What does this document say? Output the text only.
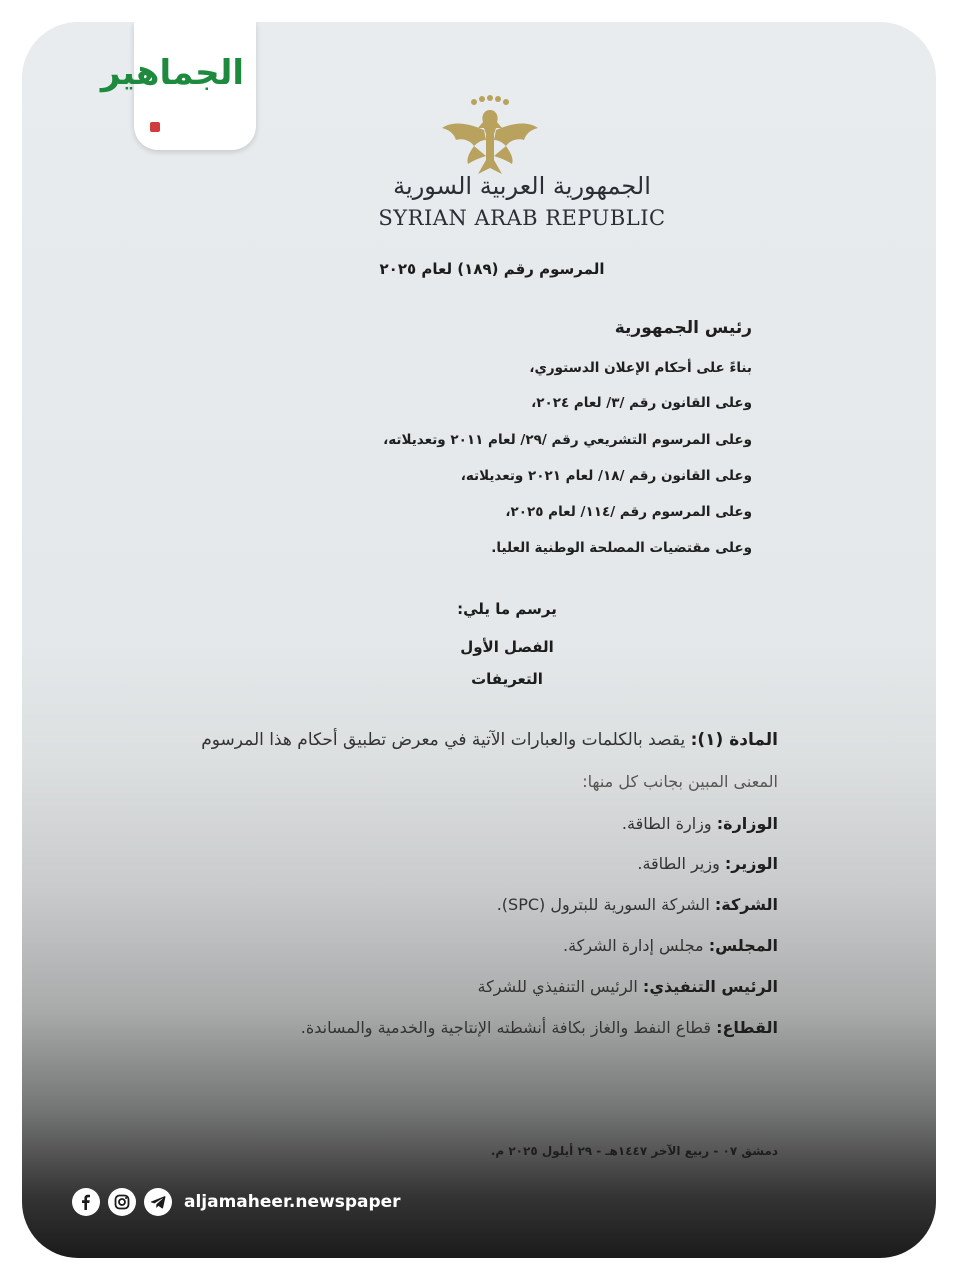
الجماهير
الجمهورية العربية السورية
SYRIAN ARAB REPUBLIC
المرسوم رقم (١٨٩) لعام ٢٠٢٥
رئيس الجمهورية
بناءً على أحكام الإعلان الدستوري،
وعلى القانون رقم /٣/ لعام ٢٠٢٤،
وعلى المرسوم التشريعي رقم /٢٩/ لعام ٢٠١١ وتعديلاته،
وعلى القانون رقم /١٨/ لعام ٢٠٢١ وتعديلاته،
وعلى المرسوم رقم /١١٤/ لعام ٢٠٢٥،
وعلى مقتضيات المصلحة الوطنية العليا.
يرسم ما يلي:
الفصل الأول
التعريفات
المادة (١): يقصد بالكلمات والعبارات الآتية في معرض تطبيق أحكام هذا المرسوم
المعنى المبين بجانب كل منها:
الوزارة: وزارة الطاقة.
الوزير: وزير الطاقة.
الشركة: الشركة السورية للبترول (SPC).
المجلس: مجلس إدارة الشركة.
الرئيس التنفيذي: الرئيس التنفيذي للشركة
القطاع: قطاع النفط والغاز بكافة أنشطته الإنتاجية والخدمية والمساندة.
دمشق ٠٧ - ربيع الآخر ١٤٤٧هـ - ٢٩ أيلول ٢٠٢٥ م.
aljamaheer.newspaper
